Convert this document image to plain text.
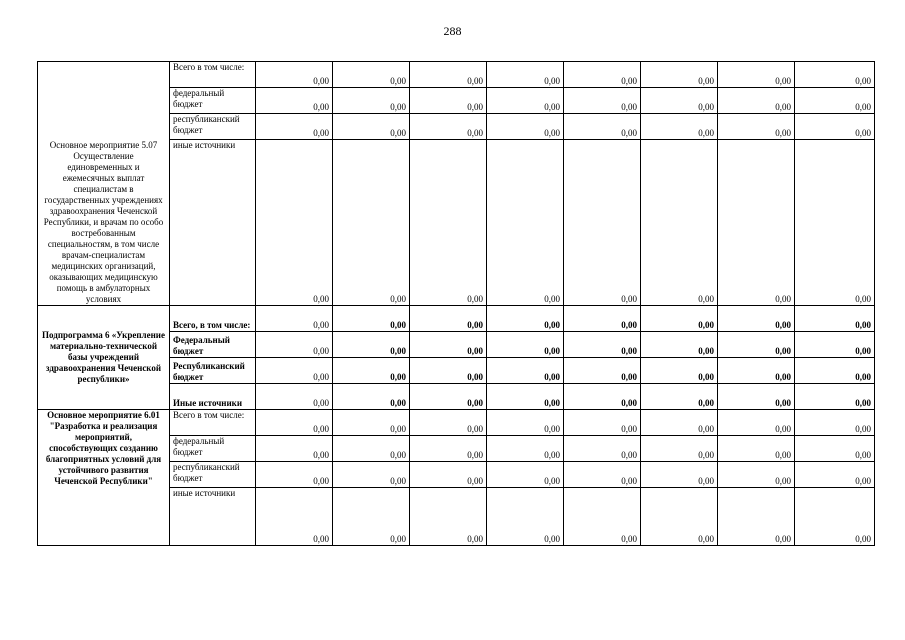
288
Основное мероприятие 5.07 Осуществление единовременных и ежемесячных выплат специалистам в государственных учреждениях здравоохранения Чеченской Республики, и врачам по особо востребованным специальностям, в том числе врачам-специалистам медицинских организаций, оказывающих медицинскую помощь в амбулаторных условиях	Всего в том числе:	0,00	0,00	0,00	0,00	0,00	0,00	0,00	0,00
	федеральный бюджет	0,00	0,00	0,00	0,00	0,00	0,00	0,00	0,00
	республиканский бюджет	0,00	0,00	0,00	0,00	0,00	0,00	0,00	0,00
	иные источники	0,00	0,00	0,00	0,00	0,00	0,00	0,00	0,00
Подпрограмма 6 «Укрепление материально-технической базы учреждений здравоохранения Чеченской республики»	Всего, в том числе:	0,00	0,00	0,00	0,00	0,00	0,00	0,00	0,00
	Федеральный бюджет	0,00	0,00	0,00	0,00	0,00	0,00	0,00	0,00
	Республиканский бюджет	0,00	0,00	0,00	0,00	0,00	0,00	0,00	0,00
	Иные источники	0,00	0,00	0,00	0,00	0,00	0,00	0,00	0,00
Основное мероприятие 6.01 "Разработка и реализация мероприятий, способствующих созданию благоприятных условий для устойчивого развития Чеченской Республики"	Всего в том числе:	0,00	0,00	0,00	0,00	0,00	0,00	0,00	0,00
	федеральный бюджет	0,00	0,00	0,00	0,00	0,00	0,00	0,00	0,00
	республиканский бюджет	0,00	0,00	0,00	0,00	0,00	0,00	0,00	0,00
	иные источники	0,00	0,00	0,00	0,00	0,00	0,00	0,00	0,00
